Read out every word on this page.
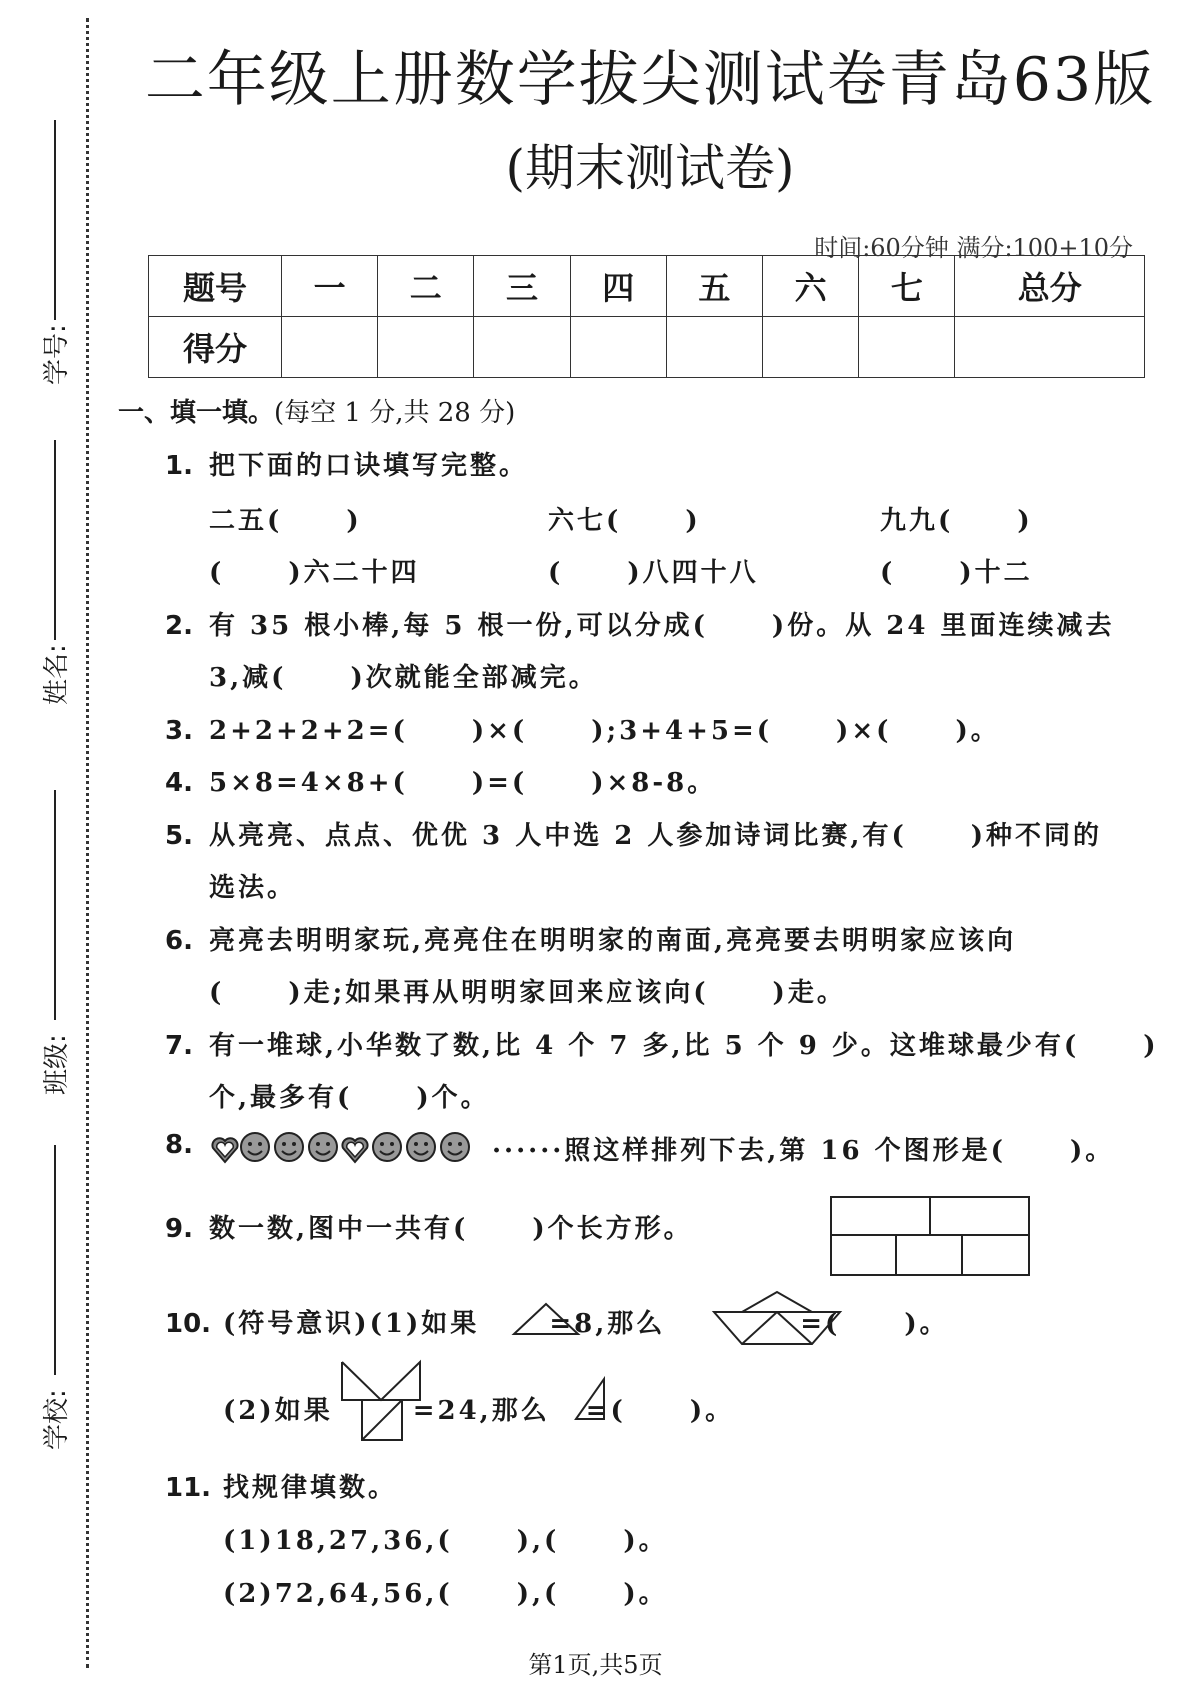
学号:
姓名:
班级:
学校:
二年级上册数学拔尖测试卷青岛63版
(期末测试卷)
时间:60分钟 满分:100+10分
题号	一	二	三	四	五	六	七	总分
得分								
一、填一填。(每空 1 分,共 28 分)
1. 把下面的口诀填写完整。
二五( )	六七( )	九九( )
( )六二十四	( )八四十八	( )十二
2. 有 35 根小棒,每 5 根一份,可以分成( )份。从 24 里面连续减去
3,减( )次就能全部减完。
3. 2+2+2+2=( )×( );3+4+5=( )×( )。
4. 5×8=4×8+( )=( )×8-8。
5. 从亮亮、点点、优优 3 人中选 2 人参加诗词比赛,有( )种不同的
选法。
6. 亮亮去明明家玩,亮亮住在明明家的南面,亮亮要去明明家应该向
( )走;如果再从明明家回来应该向( )走。
7. 有一堆球,小华数了数,比 4 个 7 多,比 5 个 9 少。这堆球最少有( )
个,最多有( )个。
8.	······照这样排列下去,第 16 个图形是( )。
9. 数一数,图中一共有( )个长方形。
10. (符号意识)(1)如果	=8,那么	=( )。
(2)如果	=24,那么 =( )。
11. 找规律填数。
(1)18,27,36,( ),( )。
(2)72,64,56,( ),( )。
第1页,共5页
